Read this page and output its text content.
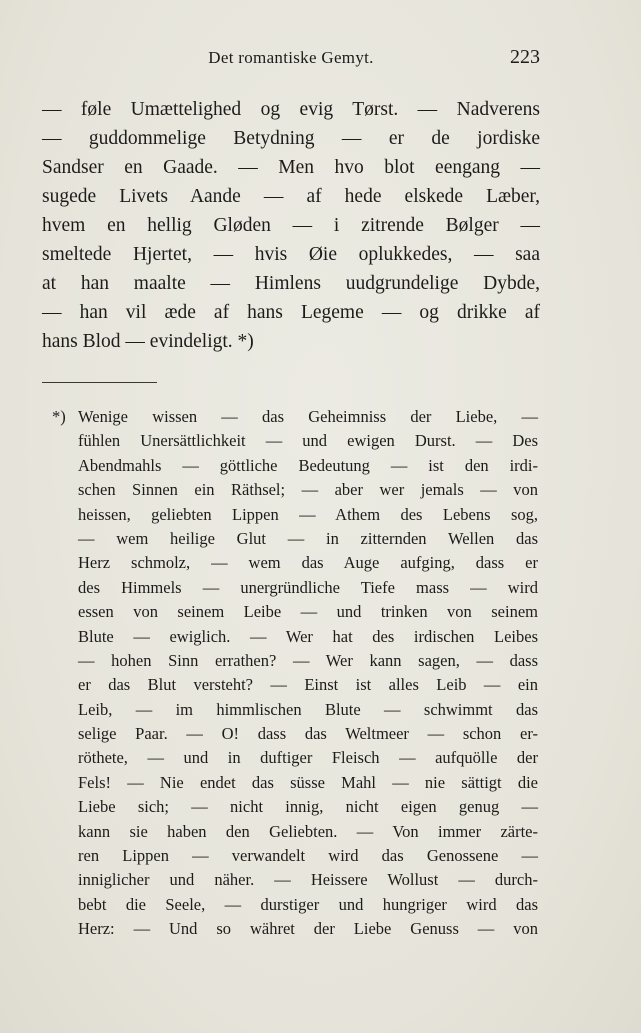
Det romantiske Gemyt.	223
— føle Umættelighed og evig Tørst. — Nadverens
— guddommelige Betydning — er de jordiske
Sandser en Gaade. — Men hvo blot eengang —
sugede Livets Aande — af hede elskede Læber,
hvem en hellig Gløden — i zitrende Bølger —
smeltede Hjertet, — hvis Øie oplukkedes, — saa
at han maalte — Himlens uudgrundelige Dybde,
— han vil æde af hans Legeme — og drikke af
hans Blod — evindeligt. *)
*) Wenige wissen — das Geheimniss der Liebe, —
fühlen Unersättlichkeit — und ewigen Durst. — Des
Abendmahls — göttliche Bedeutung — ist den irdi-
schen Sinnen ein Räthsel; — aber wer jemals — von
heissen, geliebten Lippen — Athem des Lebens sog,
— wem heilige Glut — in zitternden Wellen das
Herz schmolz, — wem das Auge aufging, dass er
des Himmels — unergründliche Tiefe mass — wird
essen von seinem Leibe — und trinken von seinem
Blute — ewiglich. — Wer hat des irdischen Leibes
— hohen Sinn errathen? — Wer kann sagen, — dass
er das Blut versteht? — Einst ist alles Leib — ein
Leib, — im himmlischen Blute — schwimmt das
selige Paar. — O! dass das Weltmeer — schon er-
röthete, — und in duftiger Fleisch — aufquölle der
Fels! — Nie endet das süsse Mahl — nie sättigt die
Liebe sich; — nicht innig, nicht eigen genug —
kann sie haben den Geliebten. — Von immer zärte-
ren Lippen — verwandelt wird das Genossene —
inniglicher und näher. — Heissere Wollust — durch-
bebt die Seele, — durstiger und hungriger wird das
Herz: — Und so währet der Liebe Genuss — von
